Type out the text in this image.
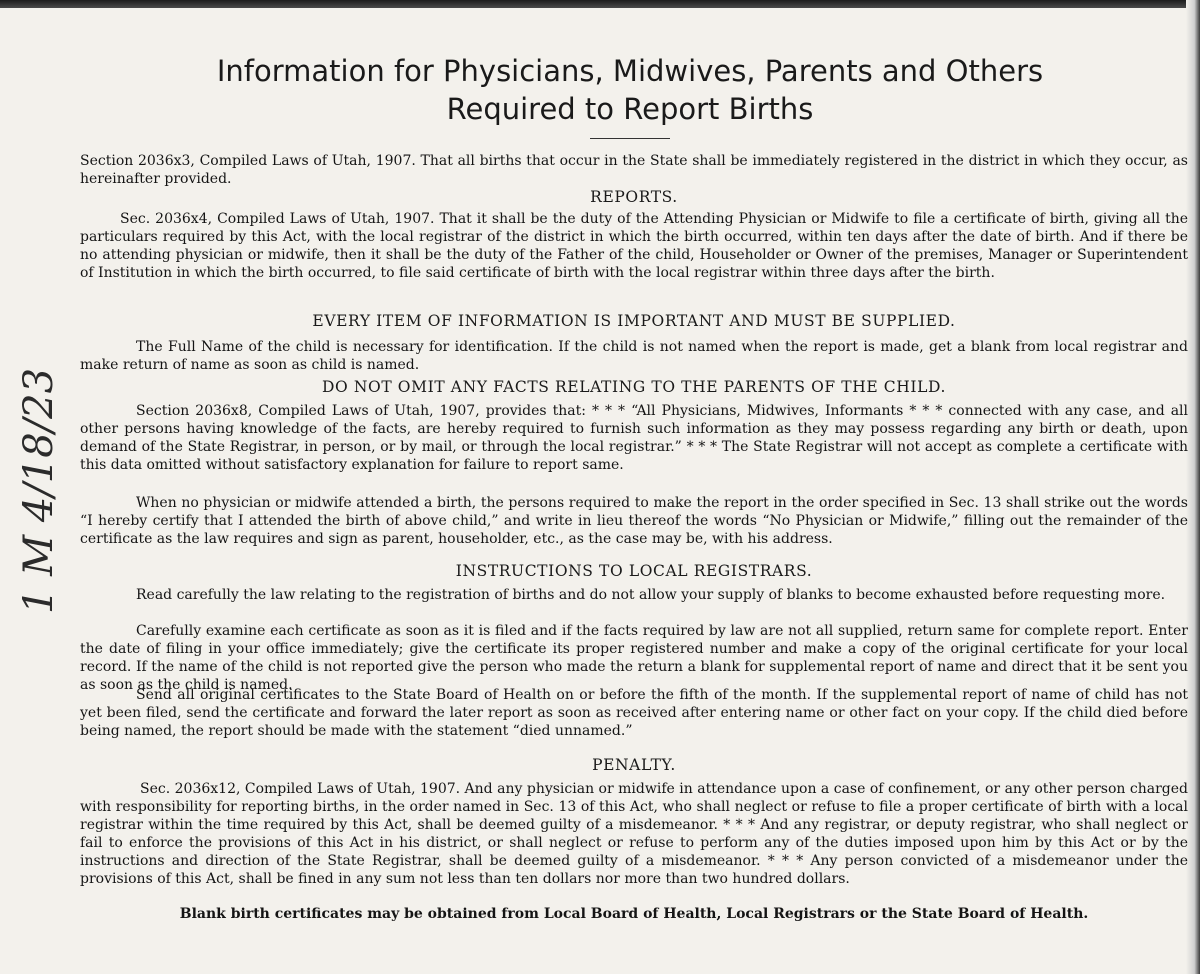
Information for Physicians, Midwives, Parents and Others
Required to Report Births

Section 2036x3, Compiled Laws of Utah, 1907. That all births that occur in the State shall be immediately registered in the district in which they occur, as hereinafter provided.

REPORTS.

Sec. 2036x4, Compiled Laws of Utah, 1907. That it shall be the duty of the Attending Physician or Midwife to file a certificate of birth, giving all the particulars required by this Act, with the local registrar of the district in which the birth occurred, within ten days after the date of birth. And if there be no attending physician or midwife, then it shall be the duty of the Father of the child, Householder or Owner of the premises, Manager or Superintendent of Institution in which the birth occurred, to file said certificate of birth with the local registrar within three days after the birth.

EVERY ITEM OF INFORMATION IS IMPORTANT AND MUST BE SUPPLIED.

The Full Name of the child is necessary for identification. If the child is not named when the report is made, get a blank from local registrar and make return of name as soon as child is named.

DO NOT OMIT ANY FACTS RELATING TO THE PARENTS OF THE CHILD.

Section 2036x8, Compiled Laws of Utah, 1907, provides that: * * * “All Physicians, Midwives, Informants * * * connected with any case, and all other persons having knowledge of the facts, are hereby required to furnish such information as they may possess regarding any birth or death, upon demand of the State Registrar, in person, or by mail, or through the local registrar.” * * * The State Registrar will not accept as complete a certificate with this data omitted without satisfactory explanation for failure to report same.

When no physician or midwife attended a birth, the persons required to make the report in the order specified in Sec. 13 shall strike out the words “I hereby certify that I attended the birth of above child,” and write in lieu thereof the words “No Physician or Midwife,” filling out the remainder of the certificate as the law requires and sign as parent, householder, etc., as the case may be, with his address.

INSTRUCTIONS TO LOCAL REGISTRARS.

Read carefully the law relating to the registration of births and do not allow your supply of blanks to become exhausted before requesting more.

Carefully examine each certificate as soon as it is filed and if the facts required by law are not all supplied, return same for complete report. Enter the date of filing in your office immediately; give the certificate its proper registered number and make a copy of the original certificate for your local record. If the name of the child is not reported give the person who made the return a blank for supplemental report of name and direct that it be sent you as soon as the child is named.

Send all original certificates to the State Board of Health on or before the fifth of the month. If the supplemental report of name of child has not yet been filed, send the certificate and forward the later report as soon as received after entering name or other fact on your copy. If the child died before being named, the report should be made with the statement “died unnamed.”

PENALTY.

Sec. 2036x12, Compiled Laws of Utah, 1907. And any physician or midwife in attendance upon a case of confinement, or any other person charged with responsibility for reporting births, in the order named in Sec. 13 of this Act, who shall neglect or refuse to file a proper certificate of birth with a local registrar within the time required by this Act, shall be deemed guilty of a misdemeanor. * * * And any registrar, or deputy registrar, who shall neglect or fail to enforce the provisions of this Act in his district, or shall neglect or refuse to perform any of the duties imposed upon him by this Act or by the instructions and direction of the State Registrar, shall be deemed guilty of a misdemeanor. * * * Any person convicted of a misdemeanor under the provisions of this Act, shall be fined in any sum not less than ten dollars nor more than two hundred dollars.

Blank birth certificates may be obtained from Local Board of Health, Local Registrars or the State Board of Health.

1 M 4/18/23
